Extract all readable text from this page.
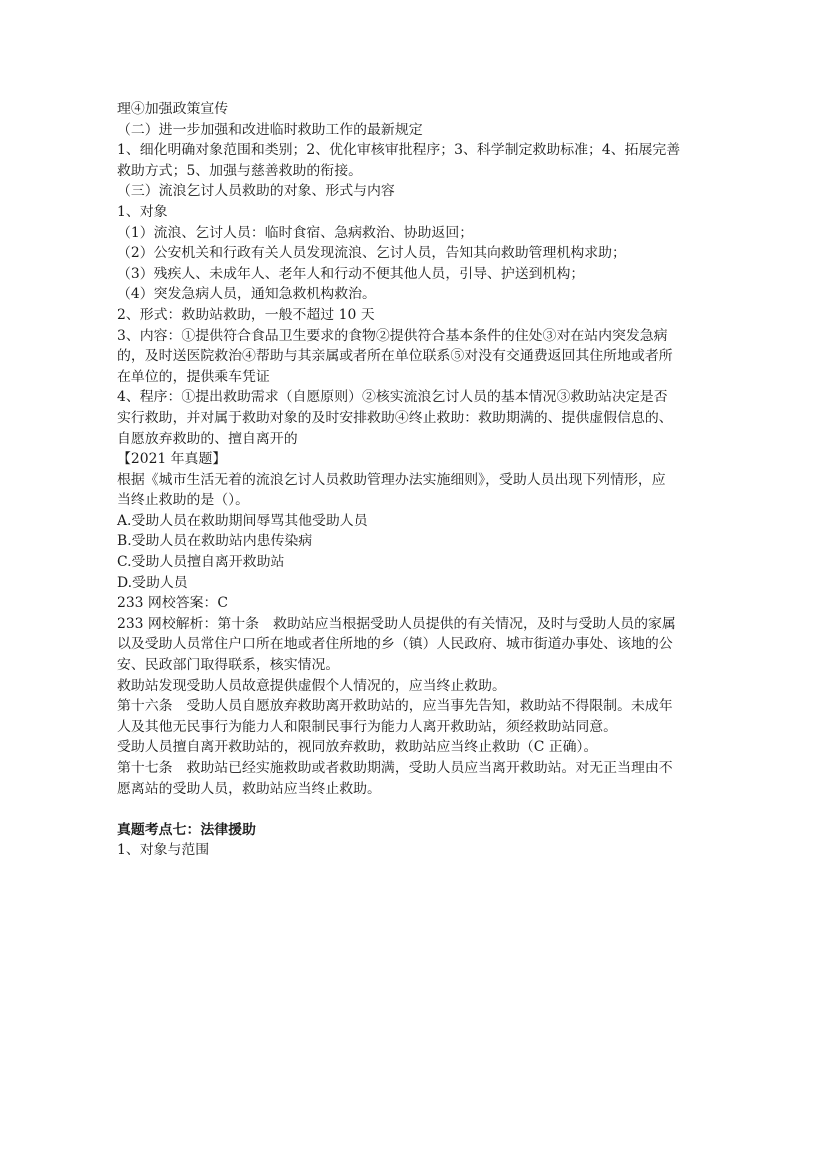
理④加强政策宣传
（二）进一步加强和改进临时救助工作的最新规定
1、细化明确对象范围和类别；2、优化审核审批程序；3、科学制定救助标准；4、拓展完善
救助方式；5、加强与慈善救助的衔接。
（三）流浪乞讨人员救助的对象、形式与内容
1、对象
（1）流浪、乞讨人员：临时食宿、急病救治、协助返回；
（2）公安机关和行政有关人员发现流浪、乞讨人员，告知其向救助管理机构求助；
（3）残疾人、未成年人、老年人和行动不便其他人员，引导、护送到机构；
（4）突发急病人员，通知急救机构救治。
2、形式：救助站救助，一般不超过 10 天
3、内容：①提供符合食品卫生要求的食物②提供符合基本条件的住处③对在站内突发急病
的，及时送医院救治④帮助与其亲属或者所在单位联系⑤对没有交通费返回其住所地或者所
在单位的，提供乘车凭证
4、程序：①提出救助需求（自愿原则）②核实流浪乞讨人员的基本情况③救助站决定是否
实行救助，并对属于救助对象的及时安排救助④终止救助：救助期满的、提供虚假信息的、
自愿放弃救助的、擅自离开的
【2021 年真题】
根据《城市生活无着的流浪乞讨人员救助管理办法实施细则》，受助人员出现下列情形，应
当终止救助的是（）。
A.受助人员在救助期间辱骂其他受助人员
B.受助人员在救助站内患传染病
C.受助人员擅自离开救助站
D.受助人员
233 网校答案：C
233 网校解析：第十条　救助站应当根据受助人员提供的有关情况，及时与受助人员的家属
以及受助人员常住户口所在地或者住所地的乡（镇）人民政府、城市街道办事处、该地的公
安、民政部门取得联系，核实情况。
救助站发现受助人员故意提供虚假个人情况的，应当终止救助。
第十六条　受助人员自愿放弃救助离开救助站的，应当事先告知，救助站不得限制。未成年
人及其他无民事行为能力人和限制民事行为能力人离开救助站，须经救助站同意。
受助人员擅自离开救助站的，视同放弃救助，救助站应当终止救助（C 正确）。
第十七条　救助站已经实施救助或者救助期满，受助人员应当离开救助站。对无正当理由不
愿离站的受助人员，救助站应当终止救助。
真题考点七：法律援助
1、对象与范围
